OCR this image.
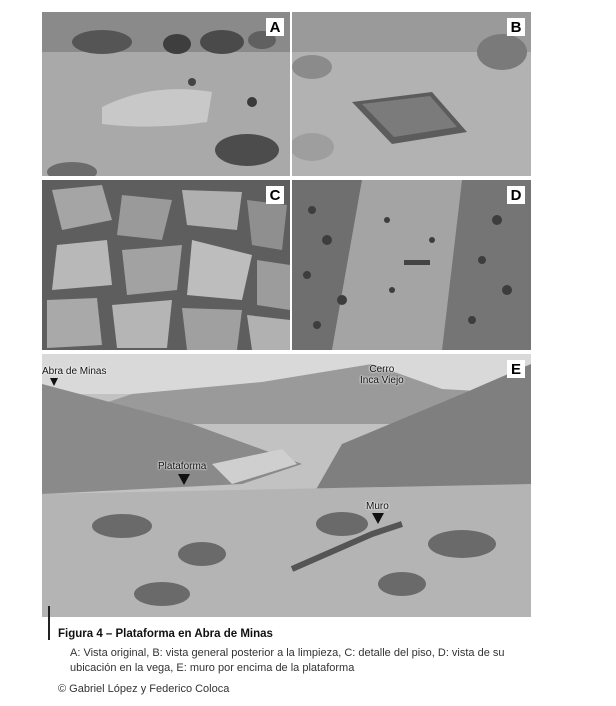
A	B
C	D
E
Abra de Minas	Cerro
Inca Viejo
Plataforma
Muro
Figura 4 – Plataforma en Abra de Minas
A: Vista original, B: vista general posterior a la limpieza, C: detalle del piso, D: vista de su ubicación en la vega, E: muro por encima de la plataforma
© Gabriel López y Federico Coloca
